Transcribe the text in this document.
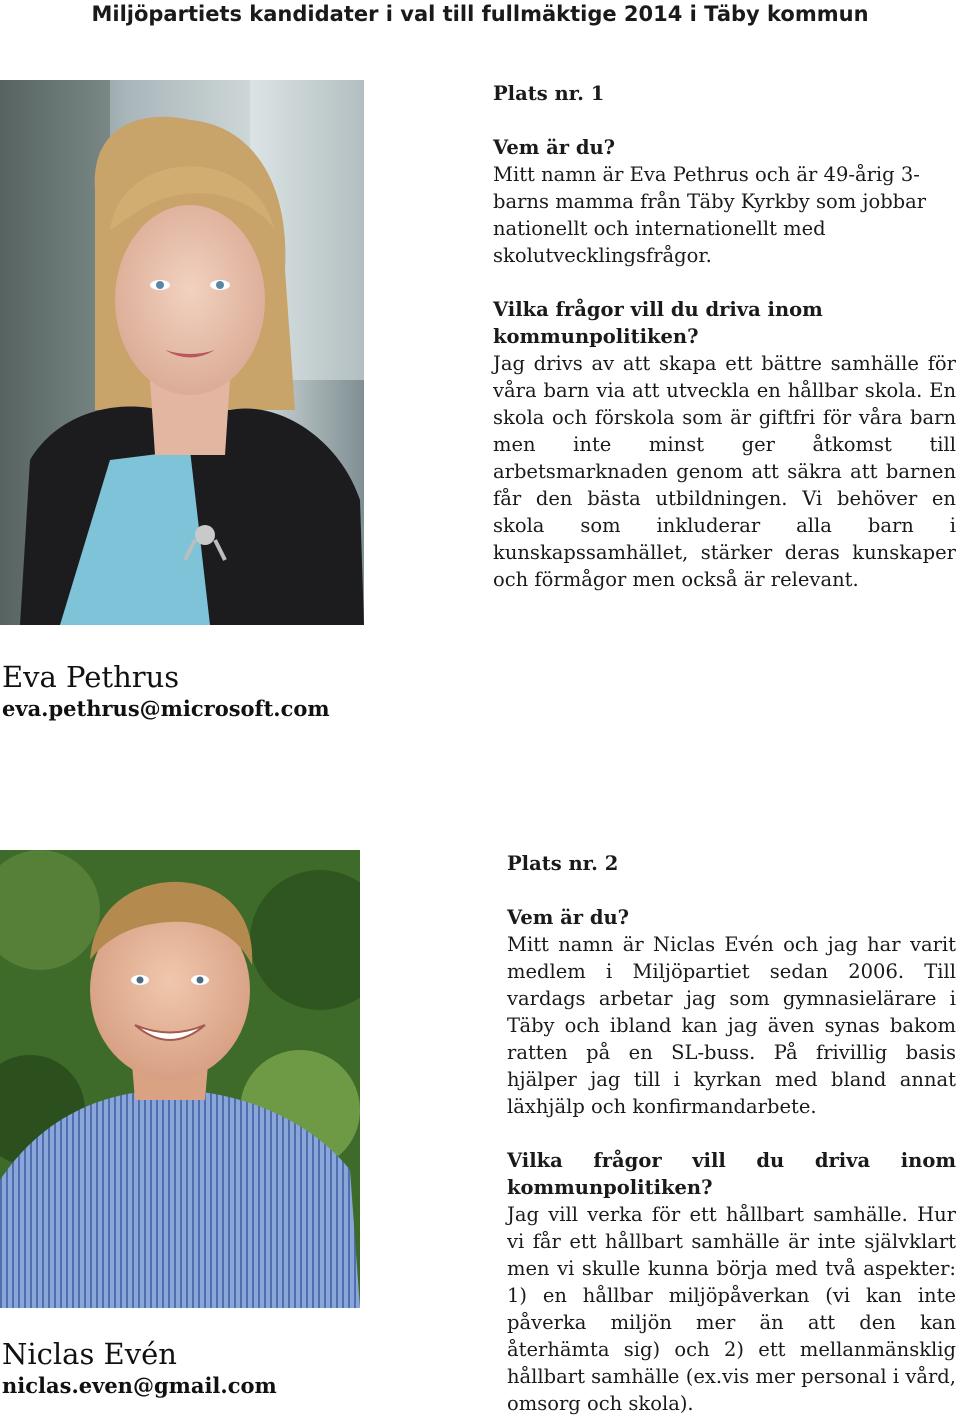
Miljöpartiets kandidater i val till fullmäktige 2014 i Täby kommun
Plats nr. 1
Vem är du?
Mitt namn är Eva Pethrus och är 49-årig 3-barns mamma från Täby Kyrkby som jobbar nationellt och internationellt med skolutvecklingsfrågor.
Vilka frågor vill du driva inom kommunpolitiken?
Jag drivs av att skapa ett bättre samhälle för våra barn via att utveckla en hållbar skola. En skola och förskola som är giftfri för våra barn men inte minst ger åtkomst till arbetsmarknaden genom att säkra att barnen får den bästa utbildningen. Vi behöver en skola som inkluderar alla barn i kunskapssamhället, stärker deras kunskaper och förmågor men också är relevant.
Eva Pethrus
eva.pethrus@microsoft.com
Plats nr. 2
Vem är du?
Mitt namn är Niclas Evén och jag har varit medlem i Miljöpartiet sedan 2006. Till vardags arbetar jag som gymnasielärare i Täby och ibland kan jag även synas bakom ratten på en SL-buss. På frivillig basis hjälper jag till i kyrkan med bland annat läxhjälp och konfirmandarbete.
Vilka frågor vill du driva inom kommunpolitiken?
Jag vill verka för ett hållbart samhälle. Hur vi får ett hållbart samhälle är inte självklart men vi skulle kunna börja med två aspekter: 1) en hållbar miljöpåverkan (vi kan inte påverka miljön mer än att den kan återhämta sig) och 2) ett mellanmänsklig hållbart samhälle (ex.vis mer personal i vård, omsorg och skola).
Niclas Evén
niclas.even@gmail.com
